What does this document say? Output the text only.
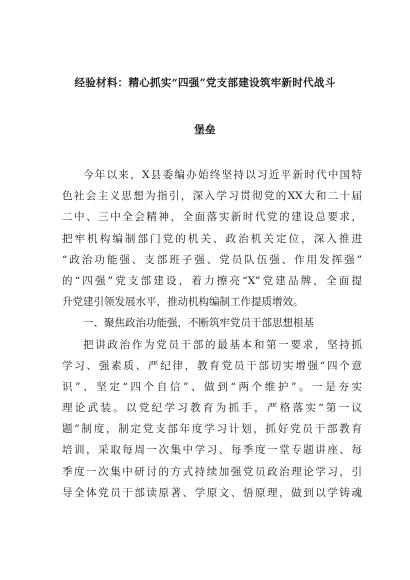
经验材料：精心抓实“四强”党支部建设筑牢新时代战斗
堡垒
今年以来，X县委编办始终坚持以习近平新时代中国特
色社会主义思想为指引，深入学习贯彻党的XX大和二十届
二中、三中全会精神，全面落实新时代党的建设总要求，
把牢机构编制部门党的机关、政治机关定位，深入推进
“政治功能强、支部班子强、党员队伍强、作用发挥强”
的“四强”党支部建设，着力擦亮“X”党建品牌，全面提
升党建引领发展水平，推动机构编制工作提质增效。
一、聚焦政治功能强，不断筑牢党员干部思想根基
把讲政治作为党员干部的最基本和第一要求，坚持抓
学习、强素质、严纪律，教育党员干部切实增强“四个意
识”、坚定“四个自信”、做到“两个维护”。一是夯实
理论武装。以党纪学习教育为抓手，严格落实“第一议
题”制度，制定党支部年度学习计划，抓好党员干部教育
培训，采取每周一次集中学习、每季度一堂专题讲座、每
季度一次集中研讨的方式持续加强党员政治理论学习，引
导全体党员干部读原著、学原文、悟原理，做到以学铸魂
